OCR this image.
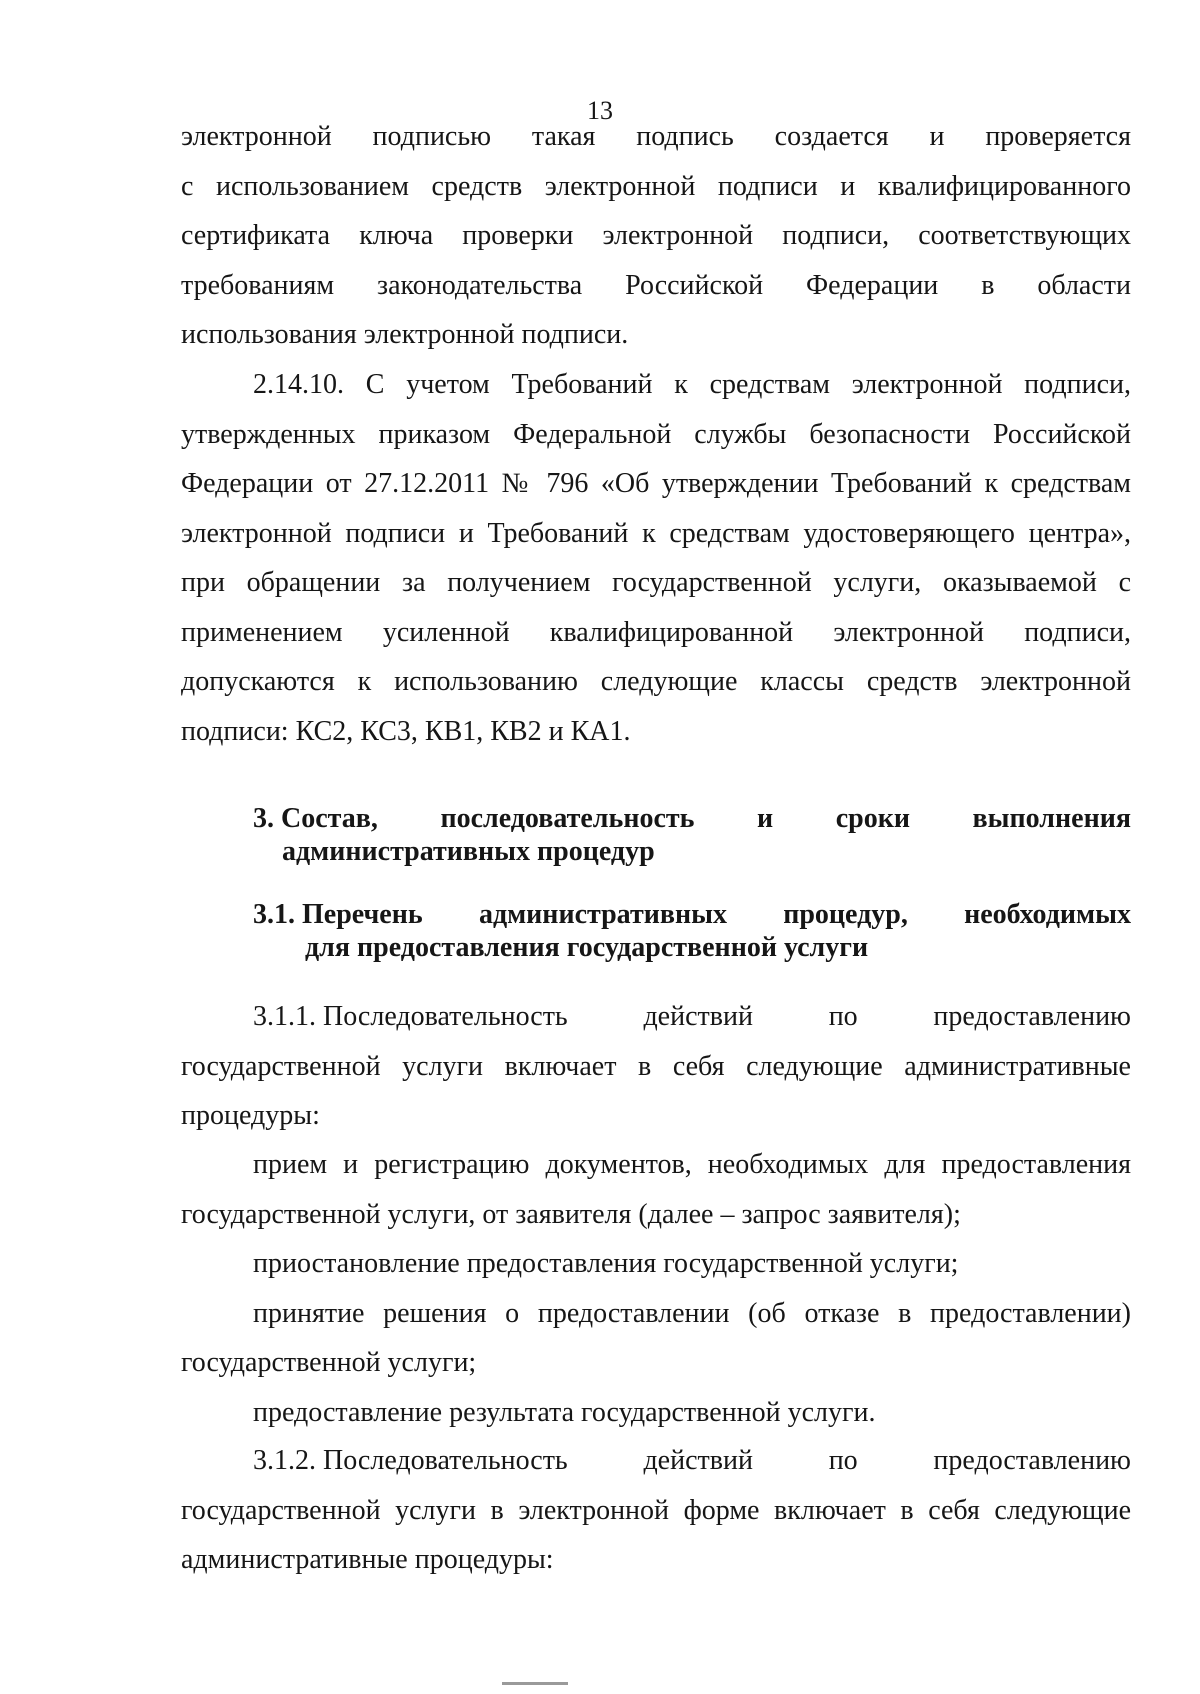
13
электронной подписью такая подпись создается и проверяется

с использованием средств электронной подписи и квалифицированного сертификата ключа проверки электронной подписи, соответствующих требованиям законодательства Российской Федерации в области использования электронной подписи.

2.14.10. С учетом Требований к средствам электронной подписи, утвержденных приказом Федеральной службы безопасности Российской Федерации от 27.12.2011 № 796 «Об утверждении Требований к средствам электронной подписи и Требований к средствам удостоверяющего центра», при обращении за получением государственной услуги, оказываемой с применением усиленной квалифицированной электронной подписи, допускаются к использованию следующие классы средств электронной подписи: КС2, КС3, КВ1, КВ2 и КА1.

3. Состав, последовательность и сроки выполнения
административных процедур
3.1. Перечень административных процедур, необходимых
для предоставления государственной услуги
3.1.1. Последовательность	действий	по	предоставлению

государственной услуги включает в себя следующие административные процедуры:

прием и регистрацию документов, необходимых для предоставления государственной услуги, от заявителя (далее – запрос заявителя);

приостановление предоставления государственной услуги;

принятие решения о предоставлении (об отказе в предоставлении) государственной услуги;

предоставление результата государственной услуги.

3.1.2. Последовательность	действий	по	предоставлению

государственной услуги в электронной форме включает в себя следующие административные процедуры:
